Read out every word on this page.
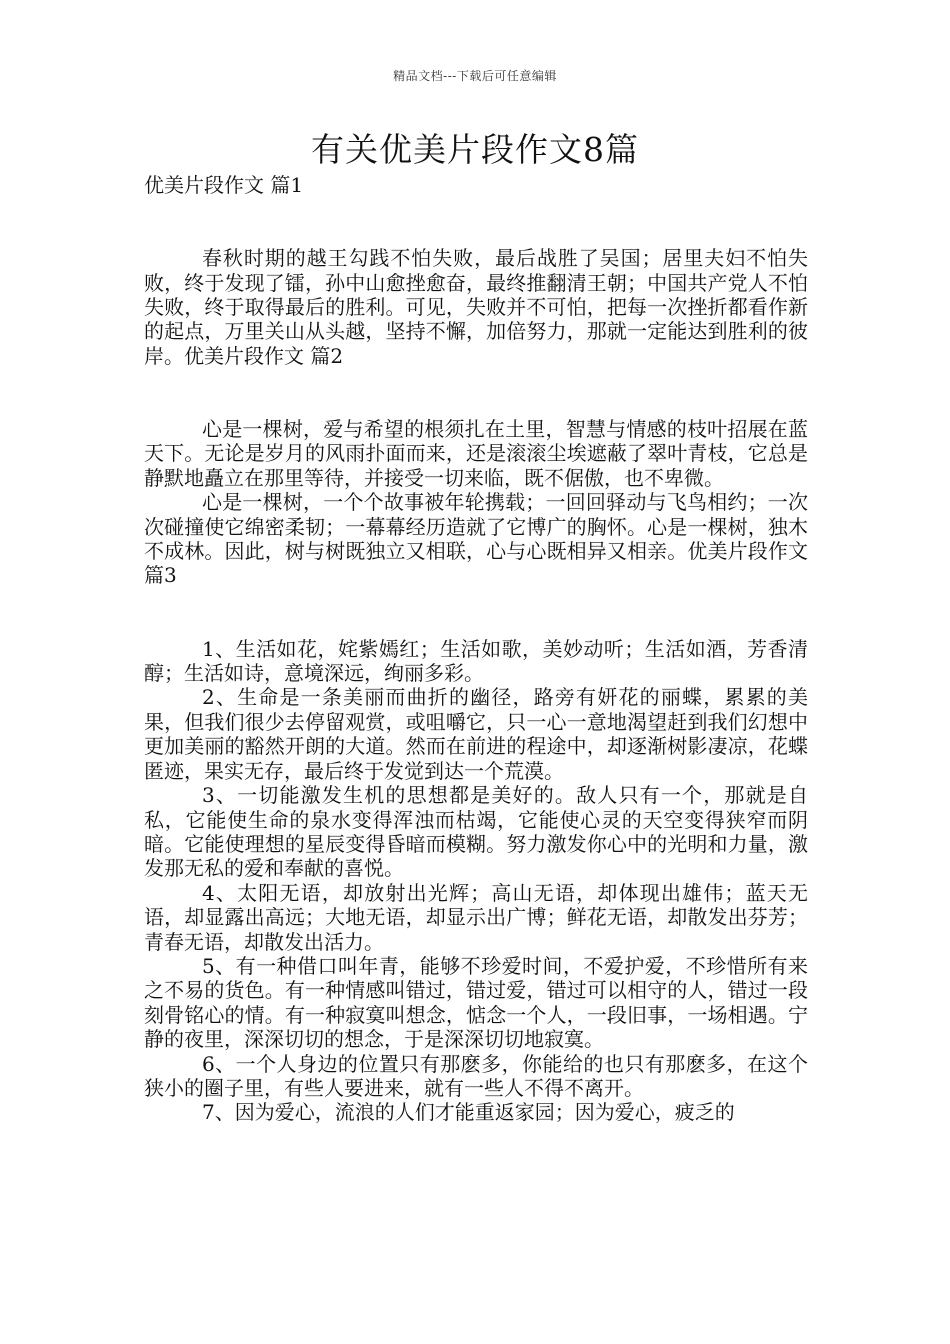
精品文档---下载后可任意编辑
有关优美片段作文8篇

优美片段作文 篇1

春秋时期的越王勾践不怕失败，最后战胜了吴国；居里夫妇不怕失败，终于发现了镭，孙中山愈挫愈奋，最终推翻清王朝；中国共产党人不怕失败，终于取得最后的胜利。可见，失败并不可怕，把每一次挫折都看作新的起点，万里关山从头越，坚持不懈，加倍努力，那就一定能达到胜利的彼岸。优美片段作文 篇2

心是一棵树，爱与希望的根须扎在土里，智慧与情感的枝叶招展在蓝天下。无论是岁月的风雨扑面而来，还是滚滚尘埃遮蔽了翠叶青枝，它总是静默地矗立在那里等待，并接受一切来临，既不倨傲，也不卑微。

心是一棵树，一个个故事被年轮携载；一回回驿动与飞鸟相约；一次次碰撞使它绵密柔韧；一幕幕经历造就了它博广的胸怀。心是一棵树，独木不成林。因此，树与树既独立又相联，心与心既相异又相亲。优美片段作文 篇3

1、生活如花，姹紫嫣红；生活如歌，美妙动听；生活如酒，芳香清醇；生活如诗，意境深远，绚丽多彩。

2、生命是一条美丽而曲折的幽径，路旁有妍花的丽蝶，累累的美果，但我们很少去停留观赏，或咀嚼它，只一心一意地渴望赶到我们幻想中更加美丽的豁然开朗的大道。然而在前进的程途中，却逐渐树影凄凉，花蝶匿迹，果实无存，最后终于发觉到达一个荒漠。

3、一切能激发生机的思想都是美好的。敌人只有一个，那就是自私，它能使生命的泉水变得浑浊而枯竭，它能使心灵的天空变得狭窄而阴暗。它能使理想的星辰变得昏暗而模糊。努力激发你心中的光明和力量，激发那无私的爱和奉献的喜悦。

4、太阳无语，却放射出光辉；高山无语，却体现出雄伟；蓝天无语，却显露出高远；大地无语，却显示出广博；鲜花无语，却散发出芬芳；青春无语，却散发出活力。

5、有一种借口叫年青，能够不珍爱时间，不爱护爱，不珍惜所有来之不易的货色。有一种情感叫错过，错过爱，错过可以相守的人，错过一段刻骨铭心的情。有一种寂寞叫想念，惦念一个人，一段旧事，一场相遇。宁静的夜里，深深切切的想念，于是深深切切地寂寞。

6、一个人身边的位置只有那麽多，你能给的也只有那麽多，在这个狭小的圈子里，有些人要进来，就有一些人不得不离开。

7、因为爱心，流浪的人们才能重返家园；因为爱心，疲乏的
